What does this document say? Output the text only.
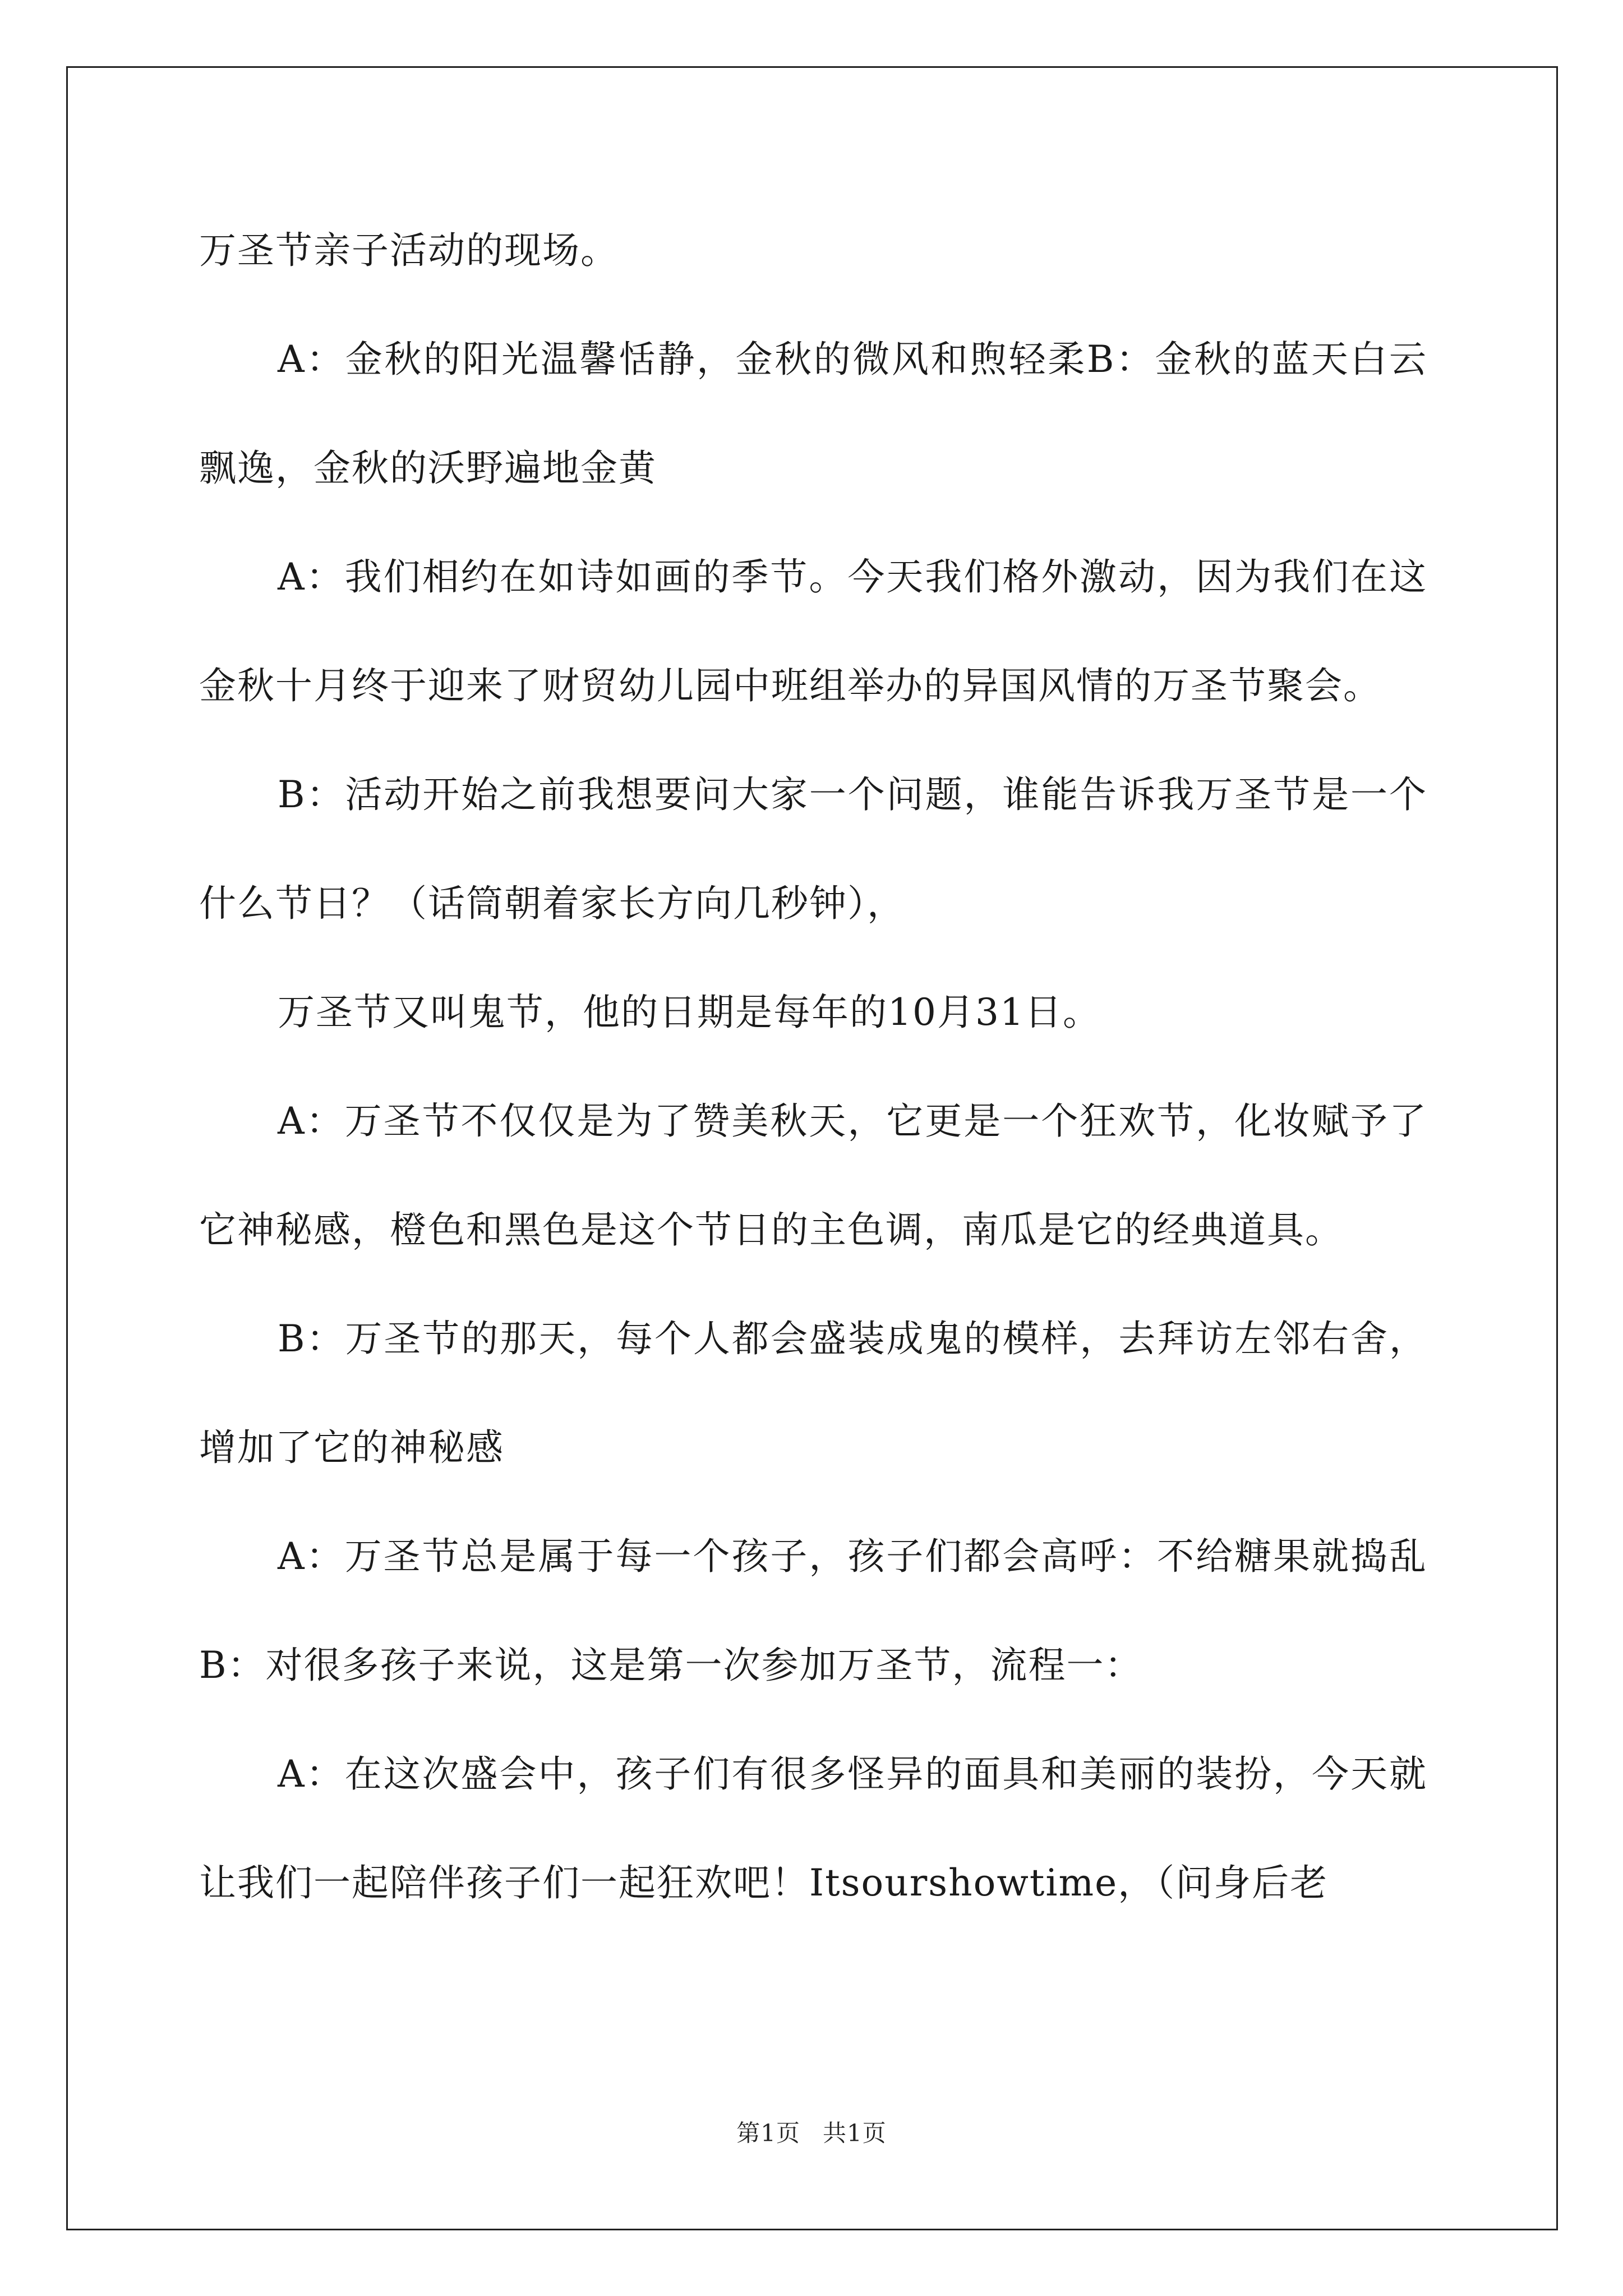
万圣节亲子活动的现场。

A：金秋的阳光温馨恬静，金秋的微风和煦轻柔B：金秋的蓝天白云飘逸，金秋的沃野遍地金黄

A：我们相约在如诗如画的季节。今天我们格外激动，因为我们在这金秋十月终于迎来了财贸幼儿园中班组举办的异国风情的万圣节聚会。

B：活动开始之前我想要问大家一个问题，谁能告诉我万圣节是一个什么节日？（话筒朝着家长方向几秒钟），

万圣节又叫鬼节，他的日期是每年的10月31日。

A：万圣节不仅仅是为了赞美秋天，它更是一个狂欢节，化妆赋予了它神秘感，橙色和黑色是这个节日的主色调，南瓜是它的经典道具。

B：万圣节的那天，每个人都会盛装成鬼的模样，去拜访左邻右舍，增加了它的神秘感

A：万圣节总是属于每一个孩子，孩子们都会高呼：不给糖果就捣乱B：对很多孩子来说，这是第一次参加万圣节，流程一：

A：在这次盛会中，孩子们有很多怪异的面具和美丽的装扮，今天就让我们一起陪伴孩子们一起狂欢吧！Itsourshowtime，（问身后老

第1页 共1页
